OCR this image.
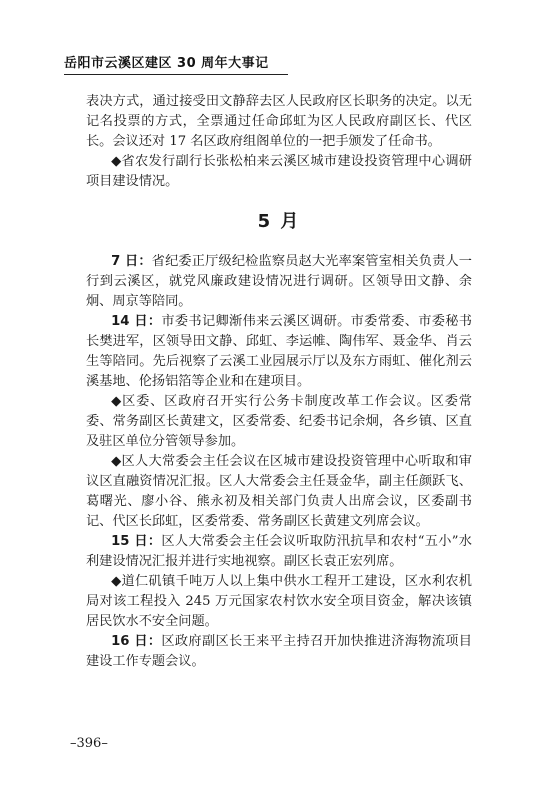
岳阳市云溪区建区 30 周年大事记

表决方式，通过接受田文静辞去区人民政府区长职务的决定。以无记名投票的方式，全票通过任命邱虹为区人民政府副区长、代区长。会议还对 17 名区政府组阁单位的一把手颁发了任命书。

◆省农发行副行长张松柏来云溪区城市建设投资管理中心调研项目建设情况。

5 月

7 日：省纪委正厅级纪检监察员赵大光率案管室相关负责人一行到云溪区，就党风廉政建设情况进行调研。区领导田文静、余炯、周京等陪同。

14 日：市委书记卿渐伟来云溪区调研。市委常委、市委秘书长樊进军，区领导田文静、邱虹、李运帷、陶伟军、聂金华、肖云生等陪同。先后视察了云溪工业园展示厅以及东方雨虹、催化剂云溪基地、伦扬铝箔等企业和在建项目。

◆区委、区政府召开实行公务卡制度改革工作会议。区委常委、常务副区长黄建文，区委常委、纪委书记余炯，各乡镇、区直及驻区单位分管领导参加。

◆区人大常委会主任会议在区城市建设投资管理中心听取和审议区直融资情况汇报。区人大常委会主任聂金华，副主任颜跃飞、葛曙光、廖小谷、熊永初及相关部门负责人出席会议，区委副书记、代区长邱虹，区委常委、常务副区长黄建文列席会议。

15 日：区人大常委会主任会议听取防汛抗旱和农村“五小”水利建设情况汇报并进行实地视察。副区长袁正宏列席。

◆道仁矶镇千吨万人以上集中供水工程开工建设，区水利农机局对该工程投入 245 万元国家农村饮水安全项目资金，解决该镇居民饮水不安全问题。

16 日：区政府副区长王来平主持召开加快推进济海物流项目建设工作专题会议。

–396–
